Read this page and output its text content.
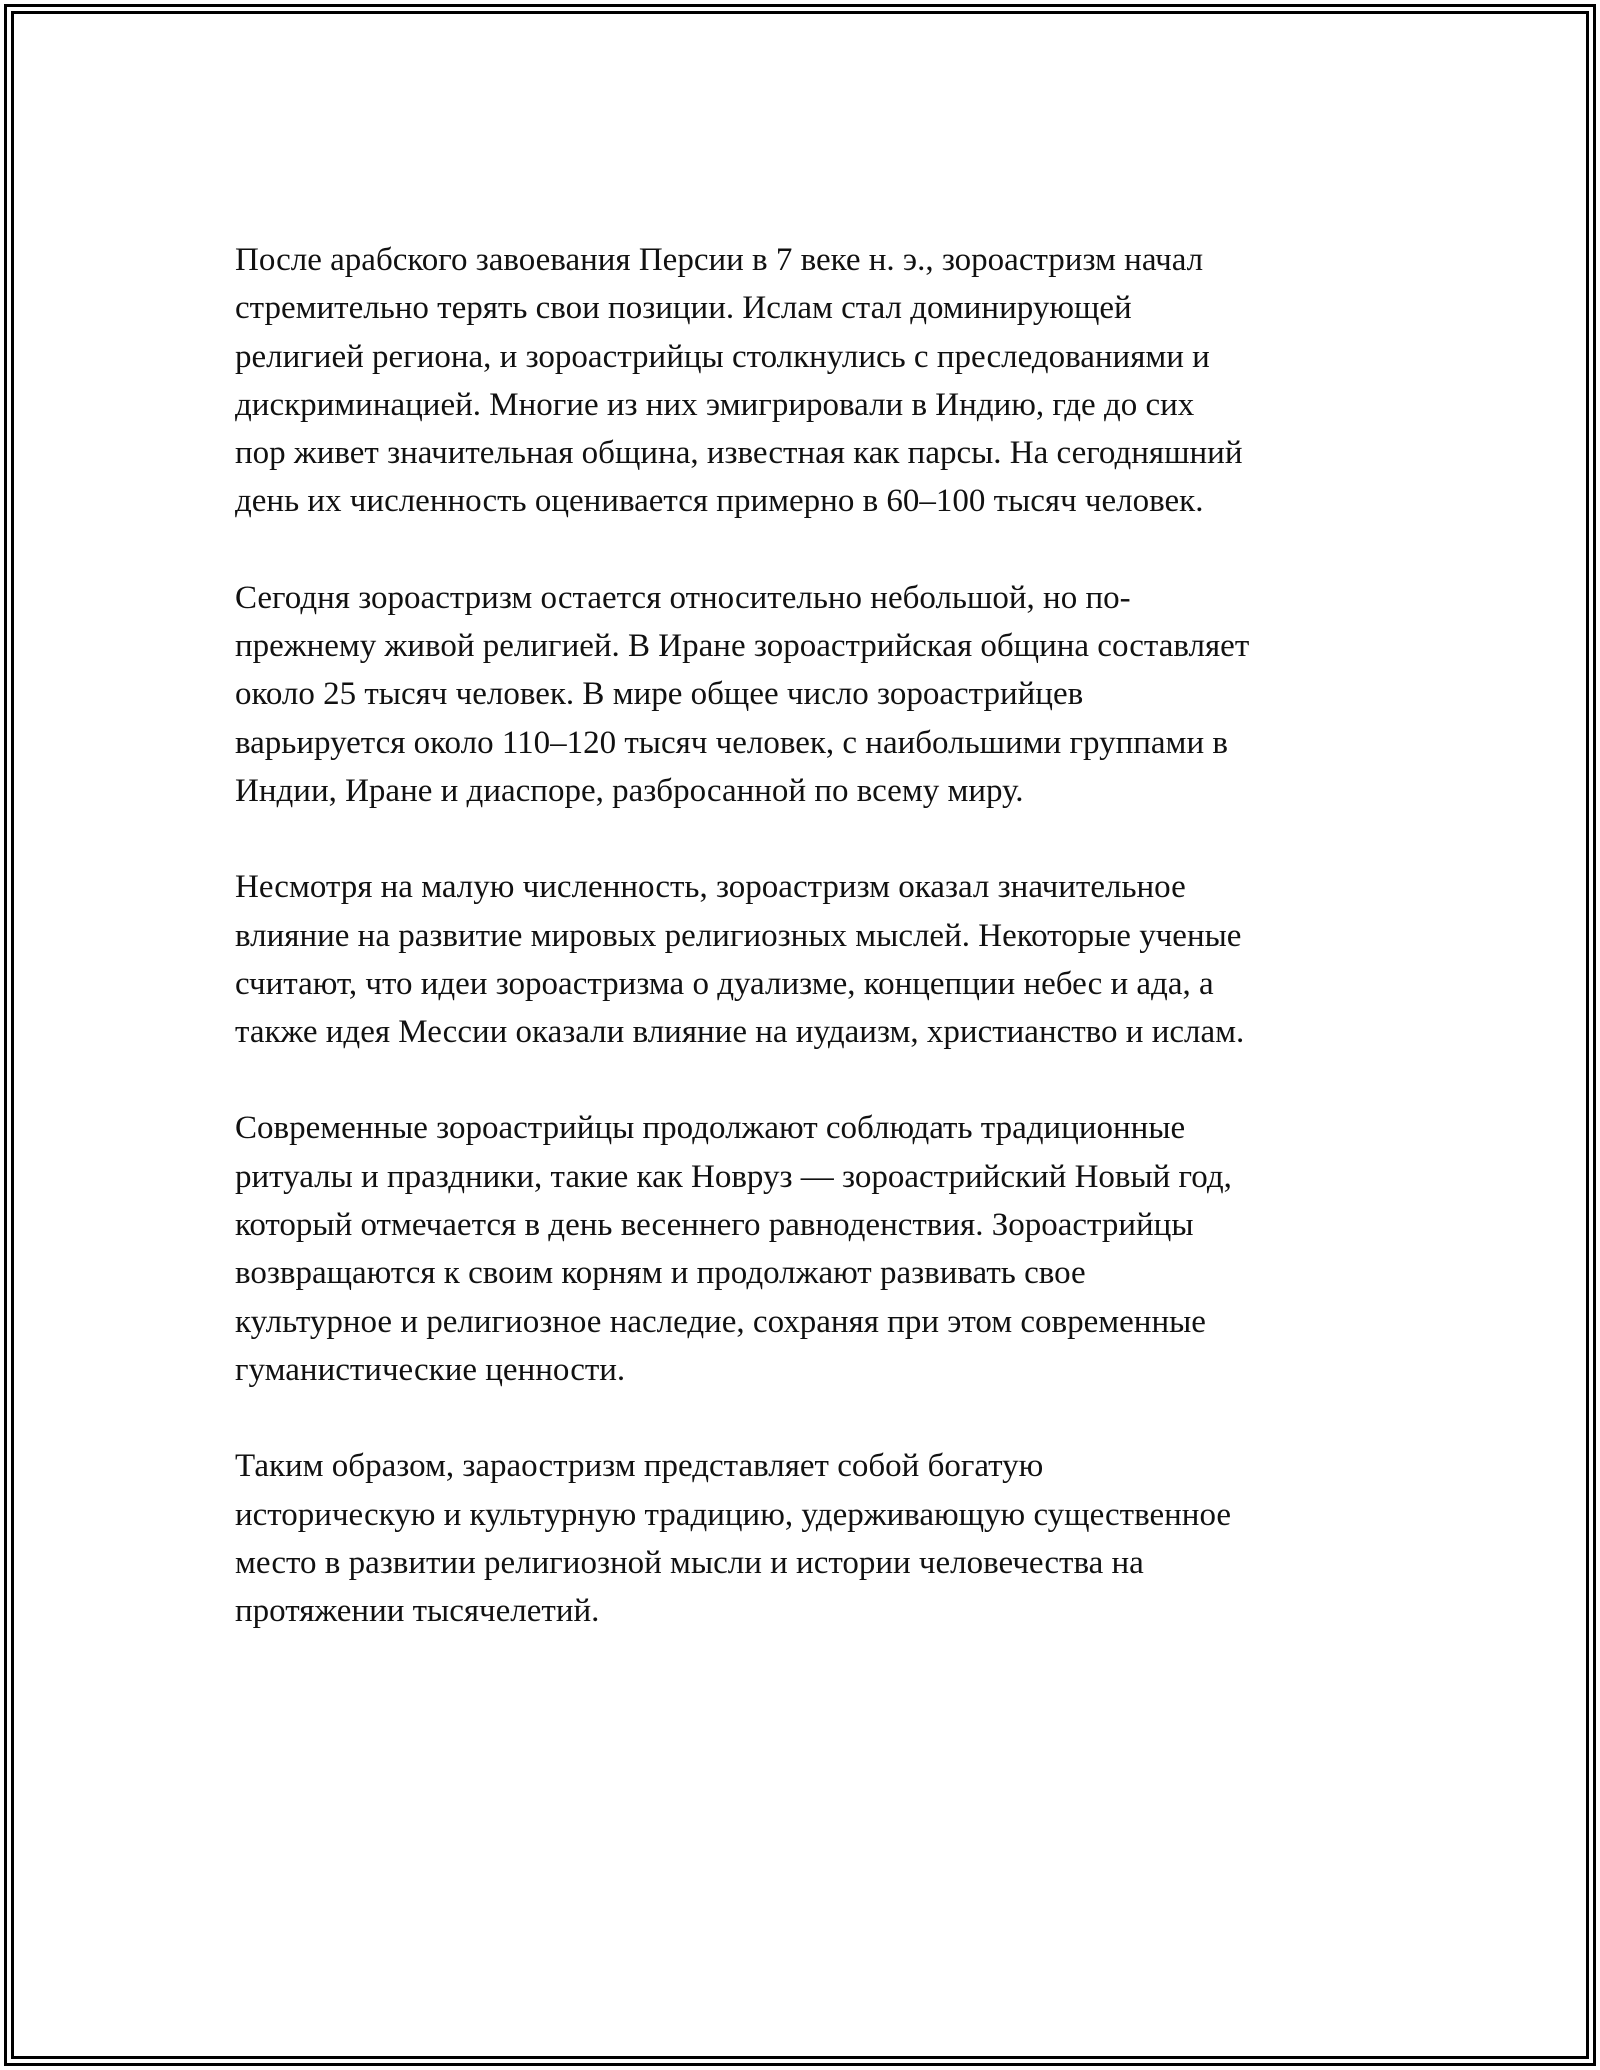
После арабского завоевания Персии в 7 веке н. э., зороастризм начал
стремительно терять свои позиции. Ислам стал доминирующей
религией региона, и зороастрийцы столкнулись с преследованиями и
дискриминацией. Многие из них эмигрировали в Индию, где до сих
пор живет значительная община, известная как парсы. На сегодняшний
день их численность оценивается примерно в 60–100 тысяч человек.

Сегодня зороастризм остается относительно небольшой, но по-
прежнему живой религией. В Иране зороастрийская община составляет
около 25 тысяч человек. В мире общее число зороастрийцев
варьируется около 110–120 тысяч человек, с наибольшими группами в
Индии, Иране и диаспоре, разбросанной по всему миру.

Несмотря на малую численность, зороастризм оказал значительное
влияние на развитие мировых религиозных мыслей. Некоторые ученые
считают, что идеи зороастризма о дуализме, концепции небес и ада, а
также идея Мессии оказали влияние на иудаизм, христианство и ислам.

Современные зороастрийцы продолжают соблюдать традиционные
ритуалы и праздники, такие как Новруз — зороастрийский Новый год,
который отмечается в день весеннего равноденствия. Зороастрийцы
возвращаются к своим корням и продолжают развивать свое
культурное и религиозное наследие, сохраняя при этом современные
гуманистические ценности.

Таким образом, зараостризм представляет собой богатую
историческую и культурную традицию, удерживающую существенное
место в развитии религиозной мысли и истории человечества на
протяжении тысячелетий.
